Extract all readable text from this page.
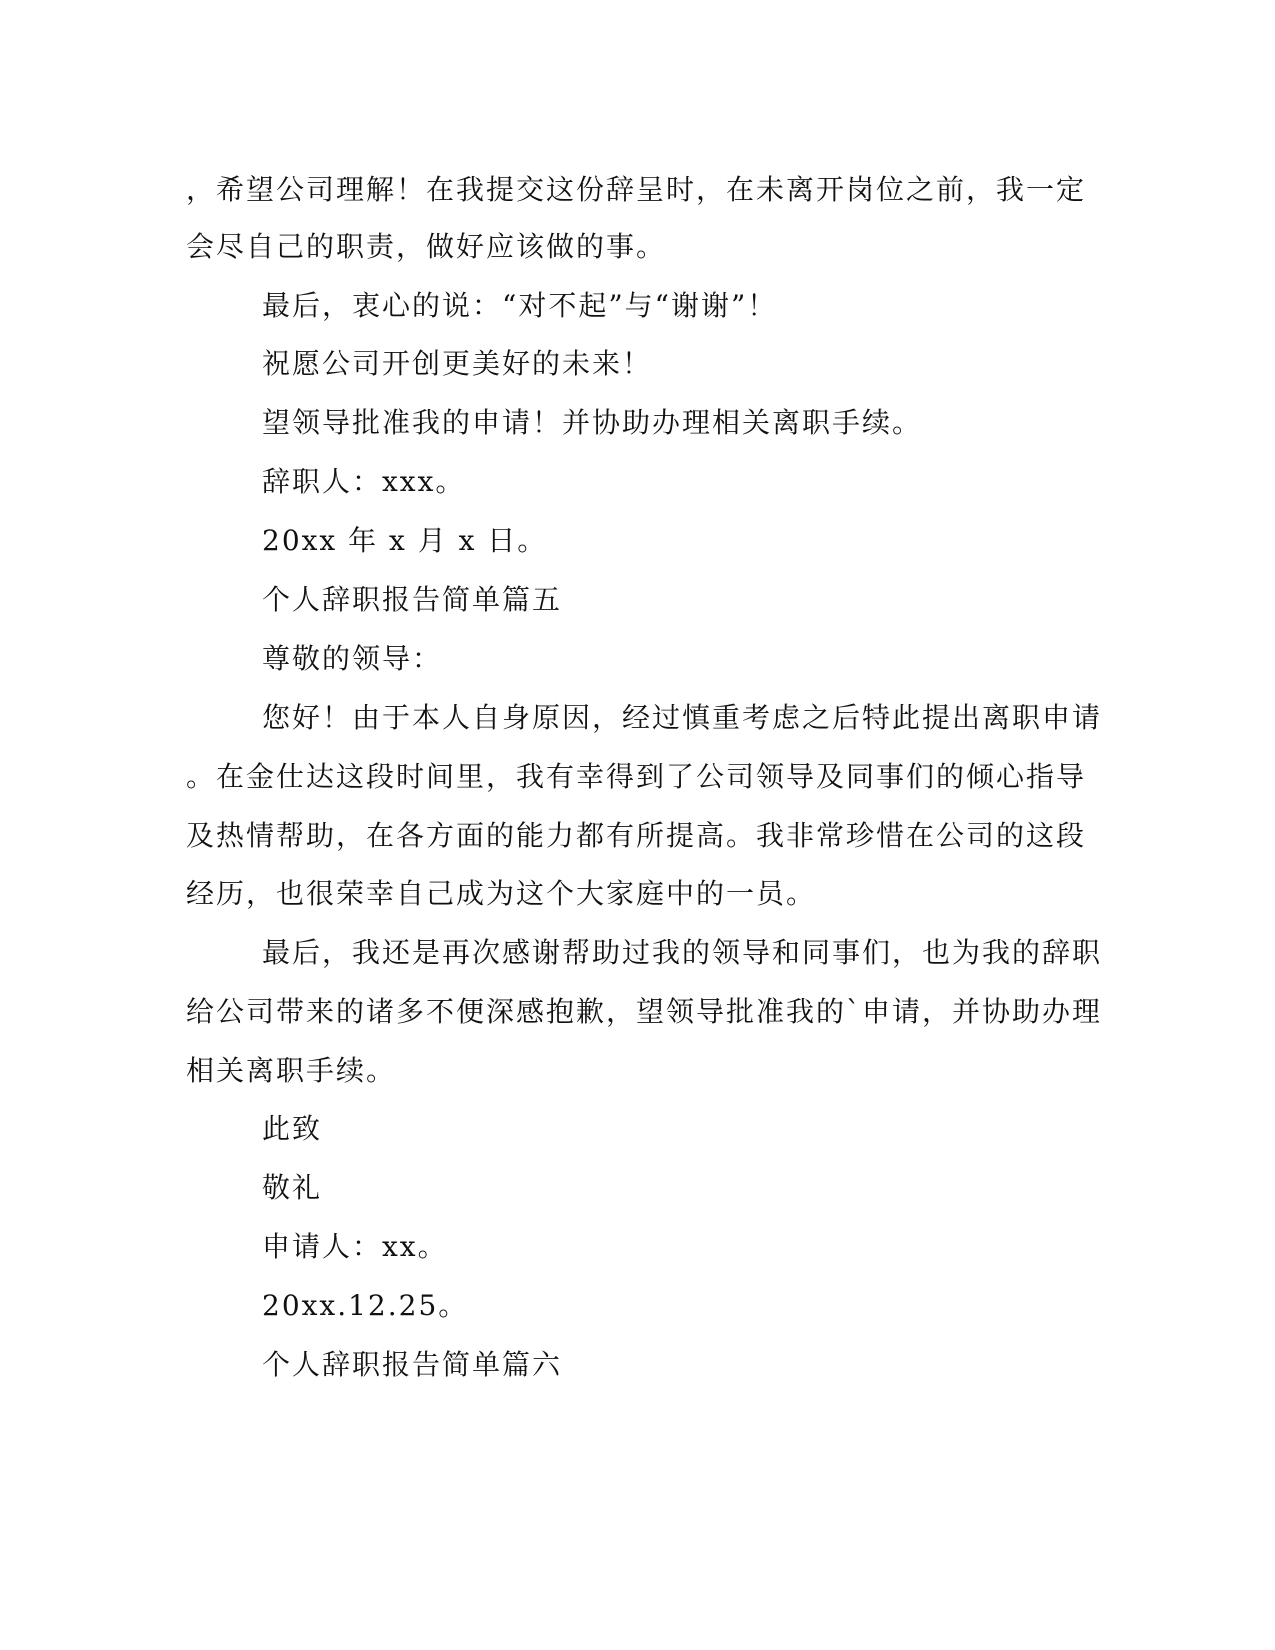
，希望公司理解！在我提交这份辞呈时，在未离开岗位之前，我一定
会尽自己的职责，做好应该做的事。
最后，衷心的说：“对不起”与“谢谢”！
祝愿公司开创更美好的未来！
望领导批准我的申请！并协助办理相关离职手续。
辞职人：xxx。
20xx 年 x 月 x 日。
个人辞职报告简单篇五
尊敬的领导：
您好！由于本人自身原因，经过慎重考虑之后特此提出离职申请
。在金仕达这段时间里，我有幸得到了公司领导及同事们的倾心指导
及热情帮助，在各方面的能力都有所提高。我非常珍惜在公司的这段
经历，也很荣幸自己成为这个大家庭中的一员。
最后，我还是再次感谢帮助过我的领导和同事们，也为我的辞职
给公司带来的诸多不便深感抱歉，望领导批准我的`申请，并协助办理
相关离职手续。
此致
敬礼
申请人：xx。
20xx.12.25。
个人辞职报告简单篇六
